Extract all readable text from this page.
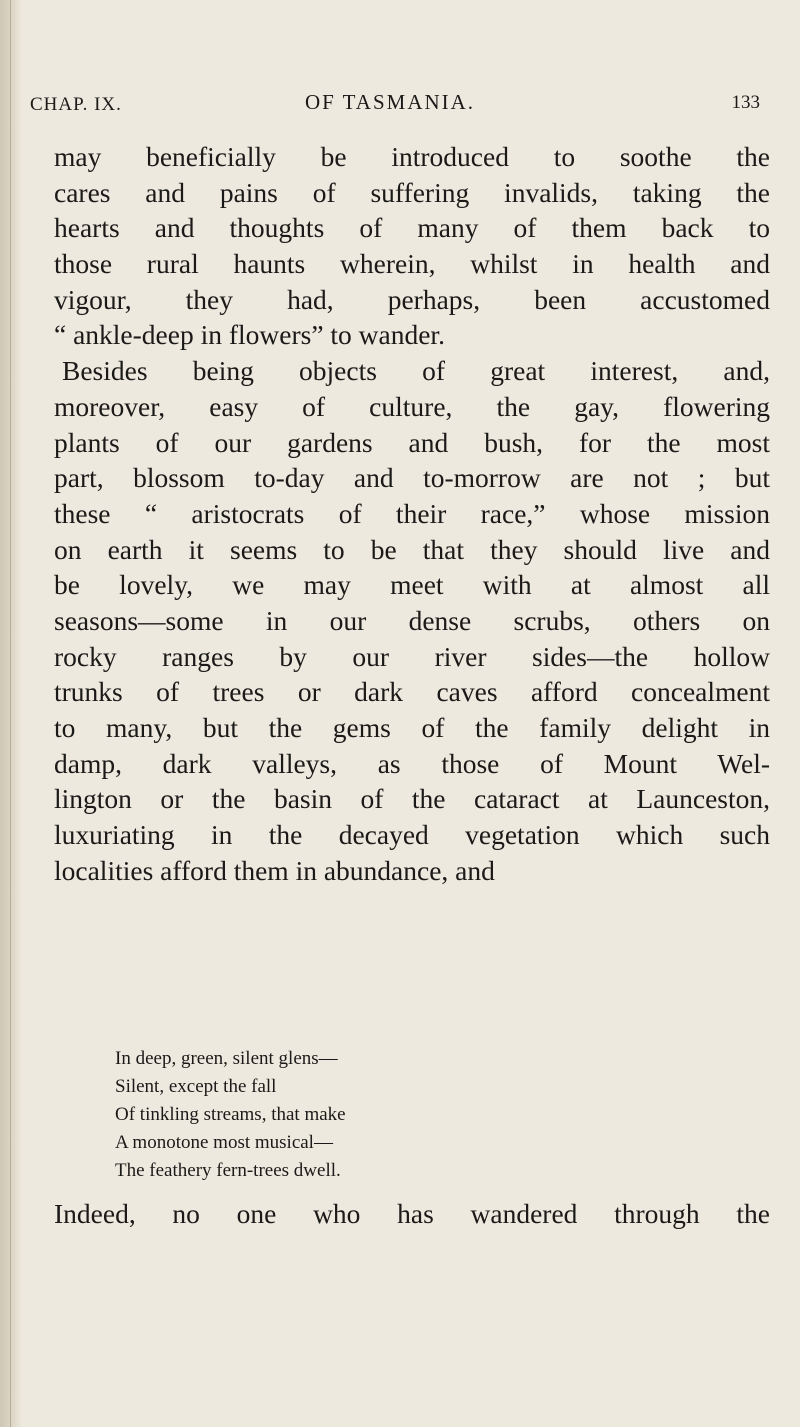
CHAP. IX.	OF TASMANIA.	133
may beneficially be introduced to soothe the
cares and pains of suffering invalids, taking the
hearts and thoughts of many of them back to
those rural haunts wherein, whilst in health and
vigour, they had, perhaps, been accustomed
“ ankle-deep in flowers” to wander.
Besides being objects of great interest, and,
moreover, easy of culture, the gay, flowering
plants of our gardens and bush, for the most
part, blossom to-day and to-morrow are not ; but
these “ aristocrats of their race,” whose mission
on earth it seems to be that they should live and
be lovely, we may meet with at almost all
seasons—some in our dense scrubs, others on
rocky ranges by our river sides—the hollow
trunks of trees or dark caves afford concealment
to many, but the gems of the family delight in
damp, dark valleys, as those of Mount Wel-
lington or the basin of the cataract at Launceston,
luxuriating in the decayed vegetation which such
localities afford them in abundance, and
In deep, green, silent glens—
Silent, except the fall
Of tinkling streams, that make
A monotone most musical—
The feathery fern-trees dwell.
Indeed, no one who has wandered through the
